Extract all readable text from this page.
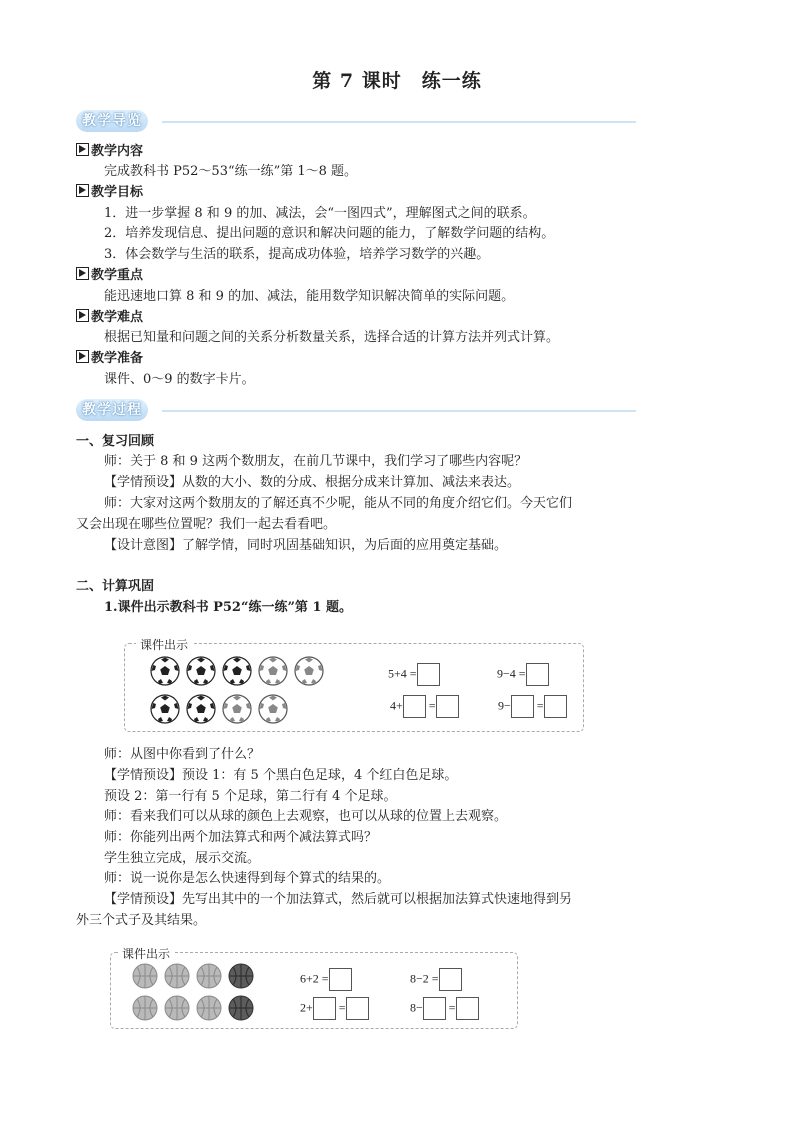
第 7 课时　练一练
教学导览
教学内容
完成教科书 P52～53“练一练”第 1～8 题。
教学目标
1．进一步掌握 8 和 9 的加、减法，会“一图四式”，理解图式之间的联系。
2．培养发现信息、提出问题的意识和解决问题的能力，了解数学问题的结构。
3．体会数学与生活的联系，提高成功体验，培养学习数学的兴趣。
教学重点
能迅速地口算 8 和 9 的加、减法，能用数学知识解决简单的实际问题。
教学难点
根据已知量和问题之间的关系分析数量关系，选择合适的计算方法并列式计算。
教学准备
课件、0～9 的数字卡片。
教学过程
一、复习回顾
师：关于 8 和 9 这两个数朋友，在前几节课中，我们学习了哪些内容呢？
【学情预设】从数的大小、数的分成、根据分成来计算加、减法来表达。
师：大家对这两个数朋友的了解还真不少呢，能从不同的角度介绍它们。今天它们
又会出现在哪些位置呢？我们一起去看看吧。
【设计意图】了解学情，同时巩固基础知识，为后面的应用奠定基础。
二、计算巩固
1.课件出示教科书 P52“练一练”第 1 题。
课件出示
5+4 =	9−4 =
4+ =	9− =
师：从图中你看到了什么？
【学情预设】预设 1：有 5 个黑白色足球，4 个红白色足球。
预设 2：第一行有 5 个足球，第二行有 4 个足球。
师：看来我们可以从球的颜色上去观察，也可以从球的位置上去观察。
师：你能列出两个加法算式和两个减法算式吗？
学生独立完成，展示交流。
师：说一说你是怎么快速得到每个算式的结果的。
【学情预设】先写出其中的一个加法算式，然后就可以根据加法算式快速地得到另
外三个式子及其结果。
课件出示
6+2 =	8−2 =
2+ =	8− =
